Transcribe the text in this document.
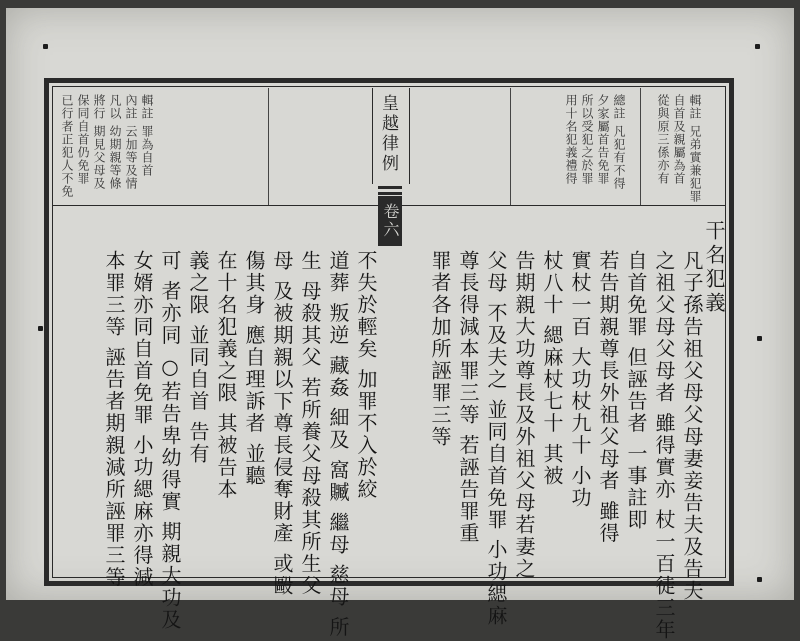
皇越律例
卷六
輯註 兄弟實兼犯罪
自首及親屬為首
從與原三係亦有
總註 凡犯有不得
夕家屬首告免罪
所以受犯之於罪
用十名犯義禮得
干名犯義
凡子孫告祖父母父母妻妾告夫及告夫
之祖父母父母者 雖得實亦 杖一百徒三年
自首免罪 但誣告者 一事註即
若告期親尊長外祖父母者 雖得
實杖一百 大功杖九十 小功
杖八十 緦麻杖七十 其被
告期親大功尊長及外祖父母若妻之
父母 不及夫之 並同自首免罪 小功緦麻
尊長得減本罪三等 若誣告罪重
罪者各加所誣罪三等
不失於輕矣 加罪不入於絞
道葬 叛逆 藏姦 細及 窩贓 繼母 慈母 所
生 母殺其父 若所養父母殺其所生父
母 及被期親以下尊長侵奪財產 或毆
傷其身 應自理訴者 並聽
在十名犯義之限 其被告本
義之限 並同自首 告有
可 者亦同 ○若告卑幼得實 期親大功及
女婿亦同自首免罪 小功緦麻亦得減
本罪三等 誣告者期親減所誣罪三等
輯註 罪為自首
內註 云加等及情
凡以 幼期親等條
將行 期見父母及
保同自首仍免罪
已行者正犯人不免
